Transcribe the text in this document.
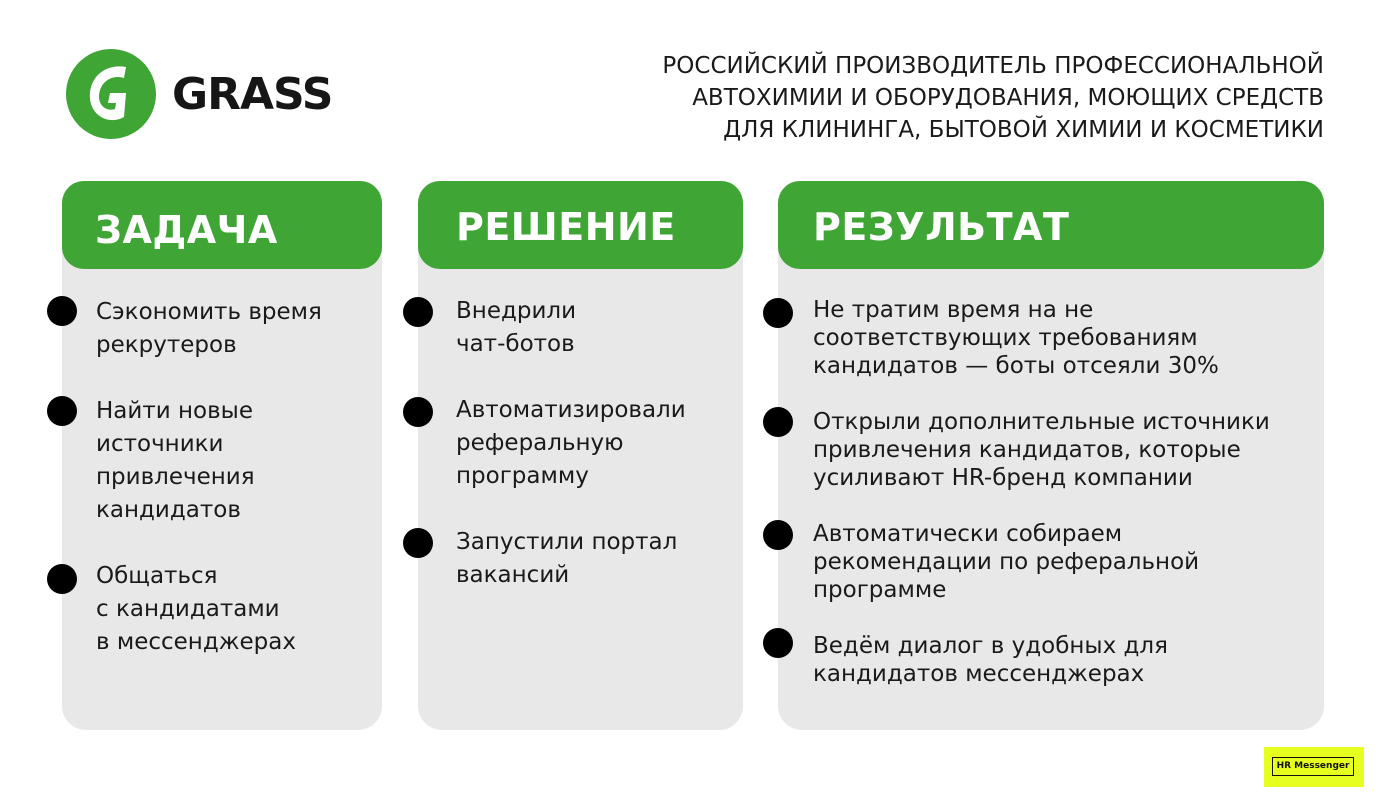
GRASS
РОССИЙСКИЙ ПРОИЗВОДИТЕЛЬ ПРОФЕССИОНАЛЬНОЙ
АВТОХИМИИ И ОБОРУДОВАНИЯ, МОЮЩИХ СРЕДСТВ
ДЛЯ КЛИНИНГА, БЫТОВОЙ ХИМИИ И КОСМЕТИКИ
ЗАДАЧА
Сэкономить время
рекрутеров
Найти новые
источники
привлечения
кандидатов
Общаться
с кандидатами
в мессенджерах
РЕШЕНИЕ
Внедрили
чат-ботов
Автоматизировали
реферальную
программу
Запустили портал
вакансий
РЕЗУЛЬТАТ
Не тратим время на не
соответствующих требованиям
кандидатов — боты отсеяли 30%
Открыли дополнительные источники
привлечения кандидатов, которые
усиливают HR-бренд компании
Автоматически собираем
рекомендации по реферальной
программе
Ведём диалог в удобных для
кандидатов мессенджерах
HR Messenger
